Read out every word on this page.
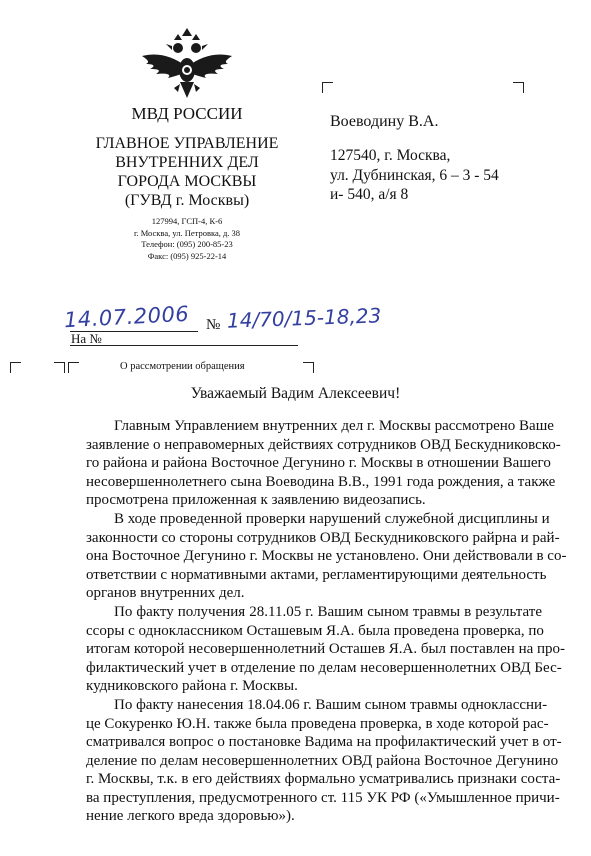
МВД РОССИИ
ГЛАВНОЕ УПРАВЛЕНИЕ
ВНУТРЕННИХ ДЕЛ
ГОРОДА МОСКВЫ
(ГУВД г. Москвы)
127994, ГСП-4, К-6
г. Москва, ул. Петровка, д. 38
Телефон: (095) 200-85-23
Факс: (095) 925-22-14
Воеводину В.А.
127540, г. Москва,
ул. Дубнинская, 6 – 3 - 54
и- 540, а/я 8
14.07.2006 № 14/70/15-18,23
На №
О рассмотрении обращения
Уважаемый Вадим Алексеевич!

Главным Управлением внутренних дел г. Москвы рассмотрено Ваше
заявление о неправомерных действиях сотрудников ОВД Бескудниковско-
го района и района Восточное Дегунино г. Москвы в отношении Вашего
несовершеннолетнего сына Воеводина В.В., 1991 года рождения, а также
просмотрена приложенная к заявлению видеозапись.

В ходе проведенной проверки нарушений служебной дисциплины и
законности со стороны сотрудников ОВД Бескудниковского райрна и рай-
она Восточное Дегунино г. Москвы не установлено. Они действовали в со-
ответствии с нормативными актами, регламентирующими деятельность
органов внутренних дел.

По факту получения 28.11.05 г. Вашим сыном травмы в результате
ссоры с одноклассником Осташевым Я.А. была проведена проверка, по
итогам которой несовершеннолетний Осташев Я.А. был поставлен на про-
филактический учет в отделение по делам несовершеннолетних ОВД Бес-
кудниковского района г. Москвы.

По факту нанесения 18.04.06 г. Вашим сыном травмы одноклассни-
це Сокуренко Ю.Н. также была проведена проверка, в ходе которой рас-
сматривался вопрос о постановке Вадима на профилактический учет в от-
деление по делам несовершеннолетних ОВД района Восточное Дегунино
г. Москвы, т.к. в его действиях формально усматривались признаки соста-
ва преступления, предусмотренного ст. 115 УК РФ («Умышленное причи-
нение легкого вреда здоровью»).
